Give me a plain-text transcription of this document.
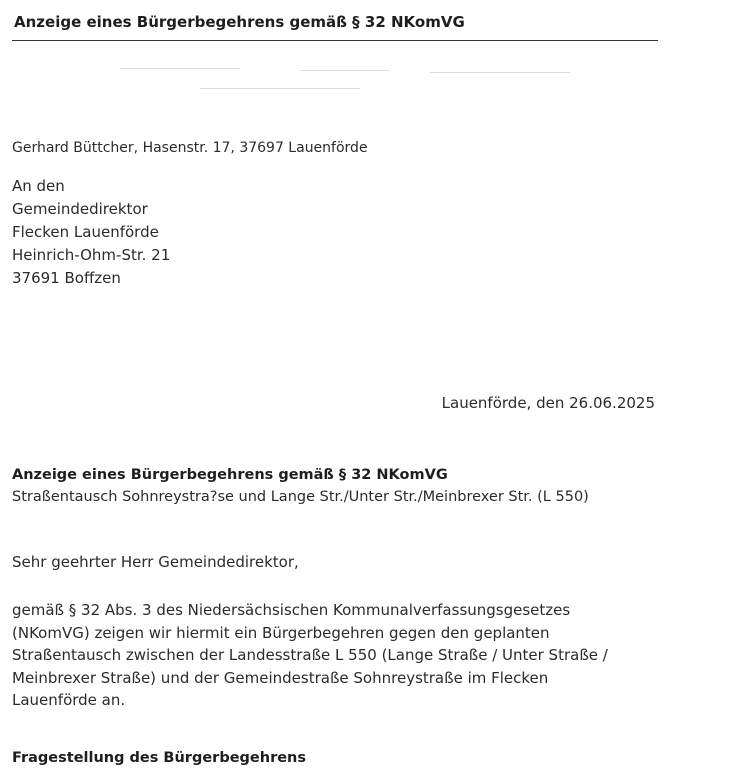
Anzeige eines Bürgerbegehrens gemäß § 32 NKomVG
Gerhard Büttcher, Hasenstr. 17, 37697 Lauenförde
An den
Gemeindedirektor
Flecken Lauenförde
Heinrich-Ohm-Str. 21
37691 Boffzen
Lauenförde, den 26.06.2025
Anzeige eines Bürgerbegehrens gemäß § 32 NKomVG
Straßentausch Sohnreystra?se und Lange Str./Unter Str./Meinbrexer Str. (L 550)
Sehr geehrter Herr Gemeindedirektor,
gemäß § 32 Abs. 3 des Niedersächsischen Kommunalverfassungsgesetzes
(NKomVG) zeigen wir hiermit ein Bürgerbegehren gegen den geplanten
Straßentausch zwischen der Landesstraße L 550 (Lange Straße / Unter Straße /
Meinbrexer Straße) und der Gemeindestraße Sohnreystraße im Flecken
Lauenförde an.
Fragestellung des Bürgerbegehrens
